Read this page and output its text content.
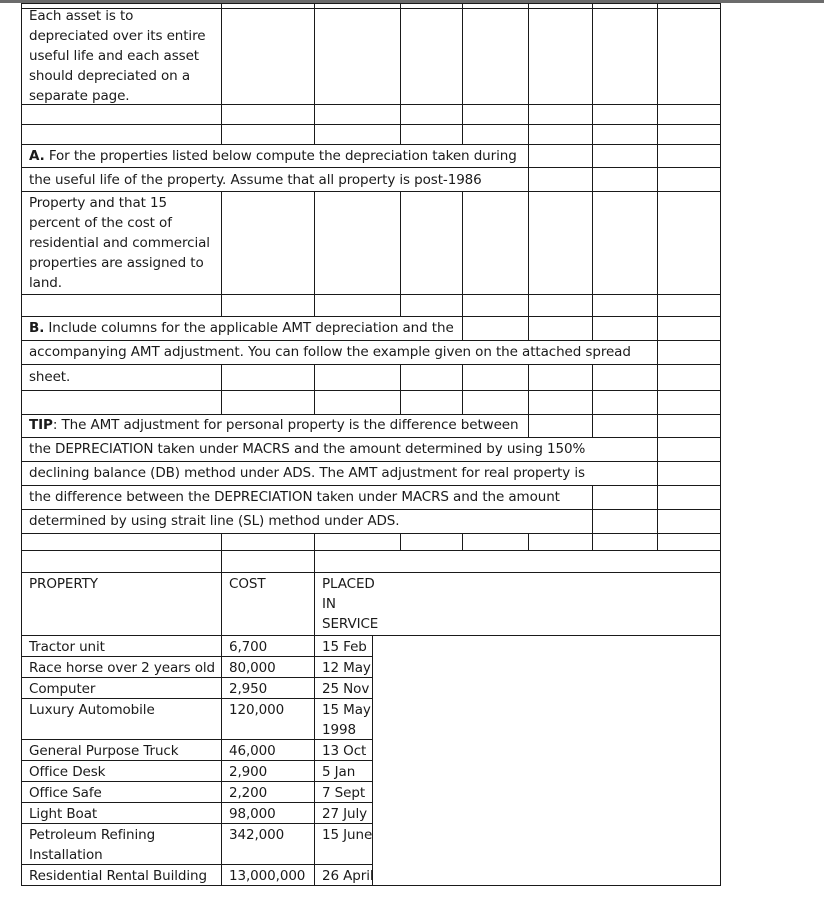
Each asset is to
depreciated over its entire
useful life and each asset
should depreciated on a
separate page.
A. For the properties listed below compute the depreciation taken during
the useful life of the property. Assume that all property is post-1986
Property and that 15
percent of the cost of
residential and commercial
properties are assigned to
land.
B. Include columns for the applicable AMT depreciation and the
accompanying AMT adjustment. You can follow the example given on the attached spread
sheet.
TIP: The AMT adjustment for personal property is the difference between
the DEPRECIATION taken under MACRS and the amount determined by using 150%
declining balance (DB) method under ADS. The AMT adjustment for real property is
the difference between the DEPRECIATION taken under MACRS and the amount
determined by using strait line (SL) method under ADS.
PROPERTY	COST	PLACED
IN
SERVICE
Tractor unit	6,700	15 Feb
Race horse over 2 years old 80,000	12 May
Computer	2,950	25 Nov
Luxury Automobile	120,000	15 May
1998
General Purpose Truck	46,000	13 Oct
Office Desk	2,900	5 Jan
Office Safe	2,200	7 Sept
Light Boat	98,000	27 July
Petroleum Refining
Installation
342,000	15 June
Residential Rental Building 13,000,000 26 April
